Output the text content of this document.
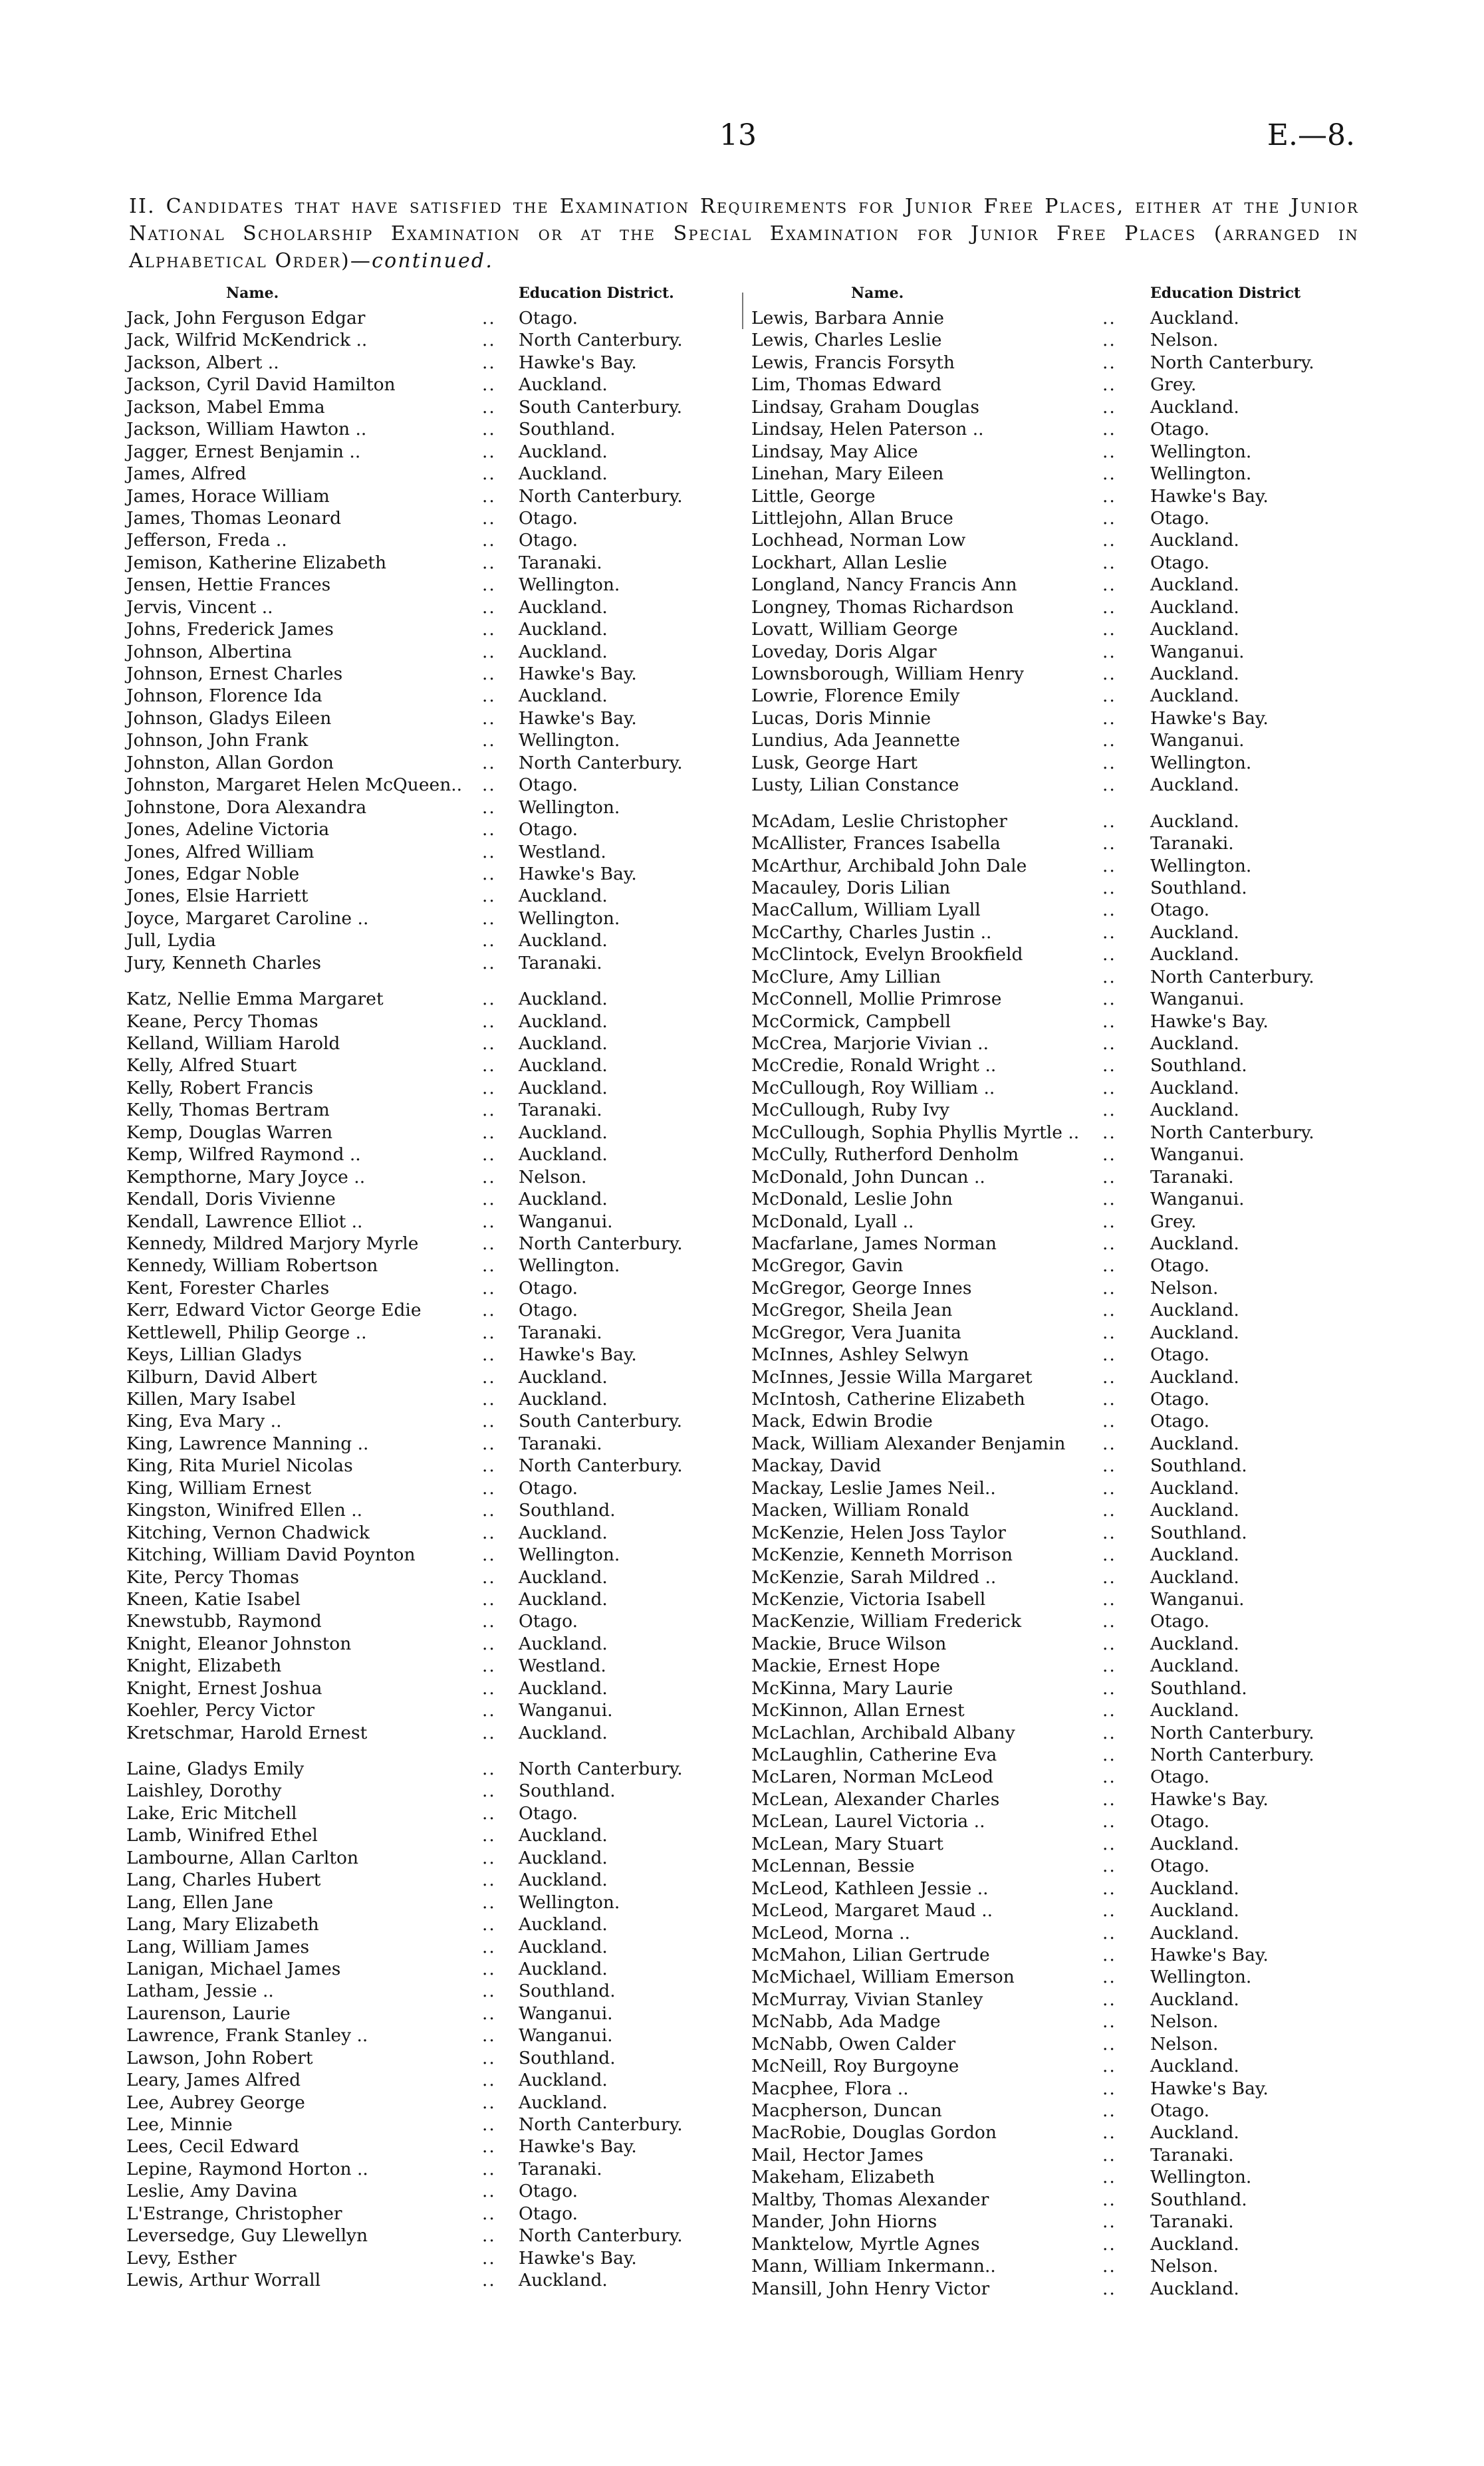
13	E.—8.
II. Candidates that have satisfied the Examination Requirements for Junior Free Places, either at the Junior National Scholarship Examination or at the Special Examination for Junior Free Places (arranged in Alphabetical Order)—continued.
Name.	Education District.
Jack, John Ferguson Edgar	.. Otago.
Jack, Wilfrid McKendrick ..	.. North Canterbury.
Jackson, Albert ..	.. Hawke's Bay.
Jackson, Cyril David Hamilton	.. Auckland.
Jackson, Mabel Emma	.. South Canterbury.
Jackson, William Hawton ..	.. Southland.
Jagger, Ernest Benjamin ..	.. Auckland.
James, Alfred	.. Auckland.
James, Horace William	.. North Canterbury.
James, Thomas Leonard	.. Otago.
Jefferson, Freda ..	.. Otago.
Jemison, Katherine Elizabeth	.. Taranaki.
Jensen, Hettie Frances	.. Wellington.
Jervis, Vincent ..	.. Auckland.
Johns, Frederick James	.. Auckland.
Johnson, Albertina	.. Auckland.
Johnson, Ernest Charles	.. Hawke's Bay.
Johnson, Florence Ida	.. Auckland.
Johnson, Gladys Eileen	.. Hawke's Bay.
Johnson, John Frank	.. Wellington.
Johnston, Allan Gordon	.. North Canterbury.
Johnston, Margaret Helen McQueen.. .. Otago.
Johnstone, Dora Alexandra	.. Wellington.
Jones, Adeline Victoria	.. Otago.
Jones, Alfred William	.. Westland.
Jones, Edgar Noble	.. Hawke's Bay.
Jones, Elsie Harriett	.. Auckland.
Joyce, Margaret Caroline ..	.. Wellington.
Jull, Lydia	.. Auckland.
Jury, Kenneth Charles	.. Taranaki.
Katz, Nellie Emma Margaret	.. Auckland.
Keane, Percy Thomas	.. Auckland.
Kelland, William Harold	.. Auckland.
Kelly, Alfred Stuart	.. Auckland.
Kelly, Robert Francis	.. Auckland.
Kelly, Thomas Bertram	.. Taranaki.
Kemp, Douglas Warren	.. Auckland.
Kemp, Wilfred Raymond ..	.. Auckland.
Kempthorne, Mary Joyce ..	.. Nelson.
Kendall, Doris Vivienne	.. Auckland.
Kendall, Lawrence Elliot ..	.. Wanganui.
Kennedy, Mildred Marjory Myrle	.. North Canterbury.
Kennedy, William Robertson	.. Wellington.
Kent, Forester Charles	.. Otago.
Kerr, Edward Victor George Edie	.. Otago.
Kettlewell, Philip George ..	.. Taranaki.
Keys, Lillian Gladys	.. Hawke's Bay.
Kilburn, David Albert	.. Auckland.
Killen, Mary Isabel	.. Auckland.
King, Eva Mary ..	.. South Canterbury.
King, Lawrence Manning ..	.. Taranaki.
King, Rita Muriel Nicolas	.. North Canterbury.
King, William Ernest	.. Otago.
Kingston, Winifred Ellen ..	.. Southland.
Kitching, Vernon Chadwick	.. Auckland.
Kitching, William David Poynton	.. Wellington.
Kite, Percy Thomas	.. Auckland.
Kneen, Katie Isabel	.. Auckland.
Knewstubb, Raymond	.. Otago.
Knight, Eleanor Johnston	.. Auckland.
Knight, Elizabeth	.. Westland.
Knight, Ernest Joshua	.. Auckland.
Koehler, Percy Victor	.. Wanganui.
Kretschmar, Harold Ernest	.. Auckland.
Laine, Gladys Emily	.. North Canterbury.
Laishley, Dorothy	.. Southland.
Lake, Eric Mitchell	.. Otago.
Lamb, Winifred Ethel	.. Auckland.
Lambourne, Allan Carlton	.. Auckland.
Lang, Charles Hubert	.. Auckland.
Lang, Ellen Jane	.. Wellington.
Lang, Mary Elizabeth	.. Auckland.
Lang, William James	.. Auckland.
Lanigan, Michael James	.. Auckland.
Latham, Jessie ..	.. Southland.
Laurenson, Laurie	.. Wanganui.
Lawrence, Frank Stanley ..	.. Wanganui.
Lawson, John Robert	.. Southland.
Leary, James Alfred	.. Auckland.
Lee, Aubrey George	.. Auckland.
Lee, Minnie	.. North Canterbury.
Lees, Cecil Edward	.. Hawke's Bay.
Lepine, Raymond Horton ..	.. Taranaki.
Leslie, Amy Davina	.. Otago.
L'Estrange, Christopher	.. Otago.
Leversedge, Guy Llewellyn	.. North Canterbury.
Levy, Esther	.. Hawke's Bay.
Lewis, Arthur Worrall	.. Auckland.
Name.	Education District
Lewis, Barbara Annie	.. Auckland.
Lewis, Charles Leslie	.. Nelson.
Lewis, Francis Forsyth	.. North Canterbury.
Lim, Thomas Edward	.. Grey.
Lindsay, Graham Douglas	.. Auckland.
Lindsay, Helen Paterson ..	.. Otago.
Lindsay, May Alice	.. Wellington.
Linehan, Mary Eileen	.. Wellington.
Little, George	.. Hawke's Bay.
Littlejohn, Allan Bruce	.. Otago.
Lochhead, Norman Low	.. Auckland.
Lockhart, Allan Leslie	.. Otago.
Longland, Nancy Francis Ann	.. Auckland.
Longney, Thomas Richardson	.. Auckland.
Lovatt, William George	.. Auckland.
Loveday, Doris Algar	.. Wanganui.
Lownsborough, William Henry	.. Auckland.
Lowrie, Florence Emily	.. Auckland.
Lucas, Doris Minnie	.. Hawke's Bay.
Lundius, Ada Jeannette	.. Wanganui.
Lusk, George Hart	.. Wellington.
Lusty, Lilian Constance	.. Auckland.
McAdam, Leslie Christopher	.. Auckland.
McAllister, Frances Isabella	.. Taranaki.
McArthur, Archibald John Dale	.. Wellington.
Macauley, Doris Lilian	.. Southland.
MacCallum, William Lyall	.. Otago.
McCarthy, Charles Justin ..	.. Auckland.
McClintock, Evelyn Brookfield	.. Auckland.
McClure, Amy Lillian	.. North Canterbury.
McConnell, Mollie Primrose	.. Wanganui.
McCormick, Campbell	.. Hawke's Bay.
McCrea, Marjorie Vivian ..	.. Auckland.
McCredie, Ronald Wright ..	.. Southland.
McCullough, Roy William ..	.. Auckland.
McCullough, Ruby Ivy	.. Auckland.
McCullough, Sophia Phyllis Myrtle .. .. North Canterbury.
McCully, Rutherford Denholm	.. Wanganui.
McDonald, John Duncan ..	.. Taranaki.
McDonald, Leslie John	.. Wanganui.
McDonald, Lyall ..	.. Grey.
Macfarlane, James Norman	.. Auckland.
McGregor, Gavin	.. Otago.
McGregor, George Innes	.. Nelson.
McGregor, Sheila Jean	.. Auckland.
McGregor, Vera Juanita	.. Auckland.
McInnes, Ashley Selwyn	.. Otago.
McInnes, Jessie Willa Margaret	.. Auckland.
McIntosh, Catherine Elizabeth	.. Otago.
Mack, Edwin Brodie	.. Otago.
Mack, William Alexander Benjamin .. Auckland.
Mackay, David	.. Southland.
Mackay, Leslie James Neil..	.. Auckland.
Macken, William Ronald	.. Auckland.
McKenzie, Helen Joss Taylor	.. Southland.
McKenzie, Kenneth Morrison	.. Auckland.
McKenzie, Sarah Mildred ..	.. Auckland.
McKenzie, Victoria Isabell	.. Wanganui.
MacKenzie, William Frederick	.. Otago.
Mackie, Bruce Wilson	.. Auckland.
Mackie, Ernest Hope	.. Auckland.
McKinna, Mary Laurie	.. Southland.
McKinnon, Allan Ernest	.. Auckland.
McLachlan, Archibald Albany	.. North Canterbury.
McLaughlin, Catherine Eva	.. North Canterbury.
McLaren, Norman McLeod	.. Otago.
McLean, Alexander Charles	.. Hawke's Bay.
McLean, Laurel Victoria ..	.. Otago.
McLean, Mary Stuart	.. Auckland.
McLennan, Bessie	.. Otago.
McLeod, Kathleen Jessie ..	.. Auckland.
McLeod, Margaret Maud ..	.. Auckland.
McLeod, Morna ..	.. Auckland.
McMahon, Lilian Gertrude	.. Hawke's Bay.
McMichael, William Emerson	.. Wellington.
McMurray, Vivian Stanley	.. Auckland.
McNabb, Ada Madge	.. Nelson.
McNabb, Owen Calder	.. Nelson.
McNeill, Roy Burgoyne	.. Auckland.
Macphee, Flora ..	.. Hawke's Bay.
Macpherson, Duncan	.. Otago.
MacRobie, Douglas Gordon	.. Auckland.
Mail, Hector James	.. Taranaki.
Makeham, Elizabeth	.. Wellington.
Maltby, Thomas Alexander	.. Southland.
Mander, John Hiorns	.. Taranaki.
Manktelow, Myrtle Agnes	.. Auckland.
Mann, William Inkermann..	.. Nelson.
Mansill, John Henry Victor	.. Auckland.
